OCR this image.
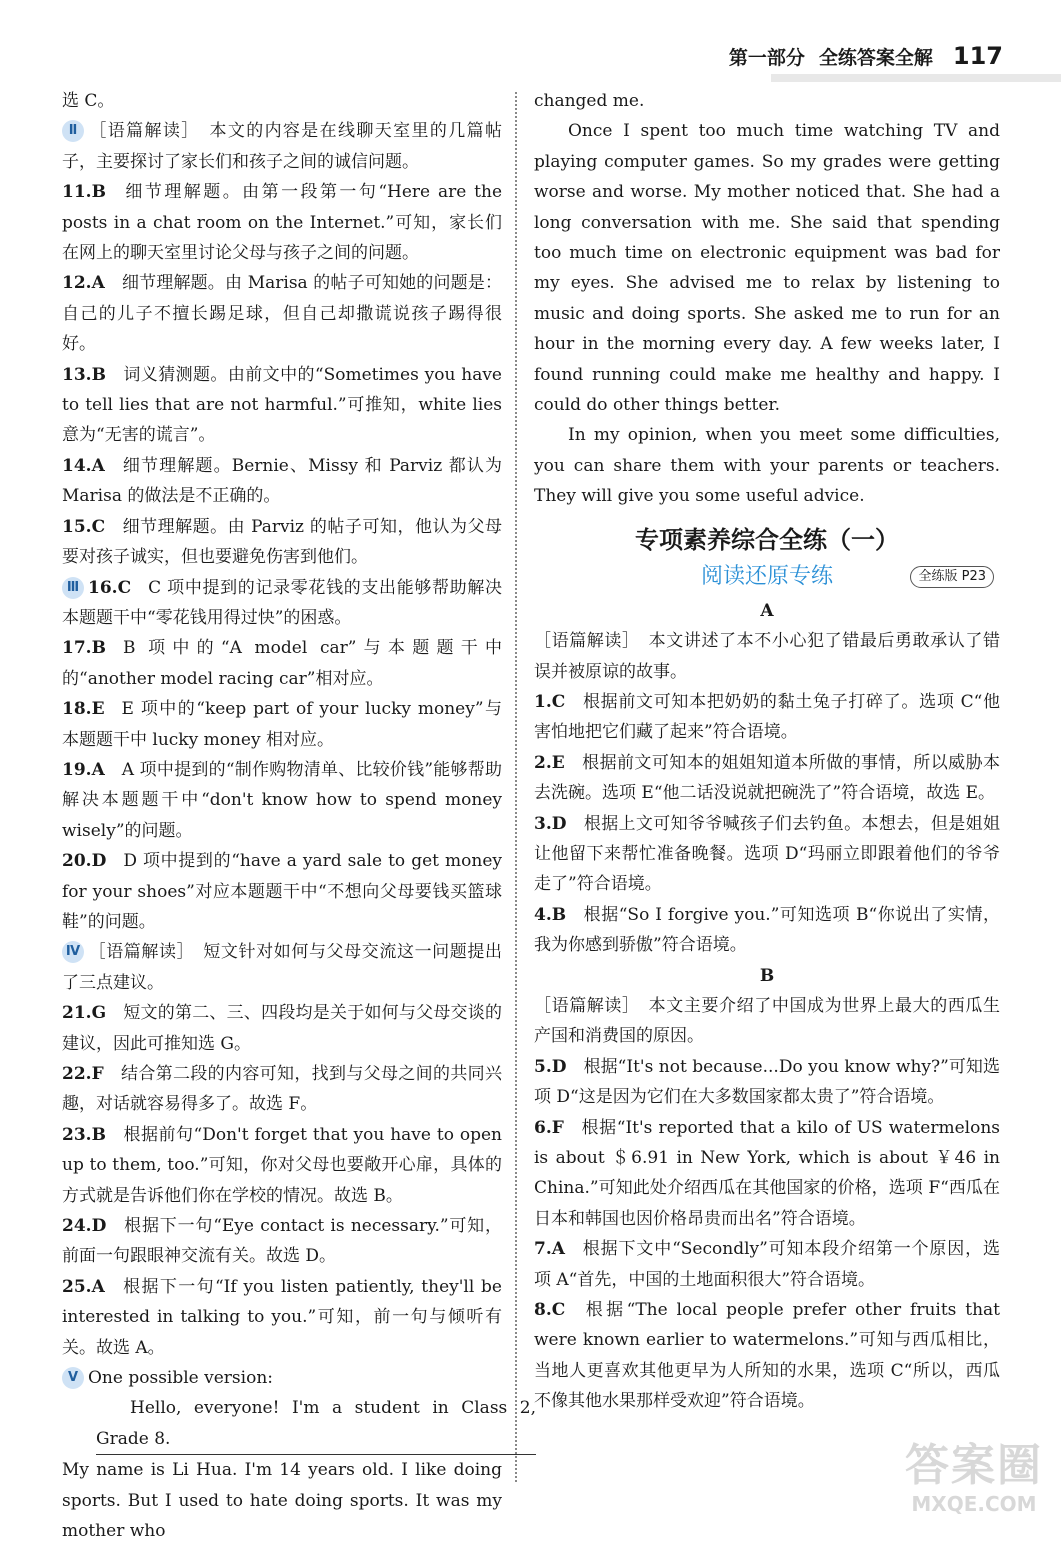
第一部分 全练答案全解 117
选 C。
Ⅱ ［语篇解读］　本文的内容是在线聊天室里的几篇帖子，主要探讨了家长们和孩子之间的诚信问题。
11.B  细节理解题。由第一段第一句“Here are the posts in a chat room on the Internet.”可知，家长们在网上的聊天室里讨论父母与孩子之间的问题。
12.A  细节理解题。由 Marisa 的帖子可知她的问题是：自己的儿子不擅长踢足球，但自己却撒谎说孩子踢得很好。
13.B  词义猜测题。由前文中的“Sometimes you have to tell lies that are not harmful.”可推知，white lies 意为“无害的谎言”。
14.A  细节理解题。Bernie、Missy 和 Parviz 都认为 Marisa 的做法是不正确的。
15.C  细节理解题。由 Parviz 的帖子可知，他认为父母要对孩子诚实，但也要避免伤害到他们。
Ⅲ 16.C  C 项中提到的记录零花钱的支出能够帮助解决本题题干中“零花钱用得过快”的困惑。
17.B  B 项中的“A model car”与本题题干中的“another model racing car”相对应。
18.E  E 项中的“keep part of your lucky money”与本题题干中 lucky money 相对应。
19.A  A 项中提到的“制作购物清单、比较价钱”能够帮助解决本题题干中“don't know how to spend money wisely”的问题。
20.D  D 项中提到的“have a yard sale to get money for your shoes”对应本题题干中“不想向父母要钱买篮球鞋”的问题。
Ⅳ ［语篇解读］　短文针对如何与父母交流这一问题提出了三点建议。
21.G  短文的第二、三、四段均是关于如何与父母交谈的建议，因此可推知选 G。
22.F  结合第二段的内容可知，找到与父母之间的共同兴趣，对话就容易得多了。故选 F。
23.B  根据前句“Don't forget that you have to open up to them, too.”可知，你对父母也要敞开心扉，具体的方式就是告诉他们你在学校的情况。故选 B。
24.D  根据下一句“Eye contact is necessary.”可知，前面一句跟眼神交流有关。故选 D。
25.A  根据下一句“If you listen patiently, they'll be interested in talking to you.”可知，前一句与倾听有关。故选 A。
Ⅴ One possible version:
Hello, everyone! I'm a student in Class 2, Grade 8.
My name is Li Hua. I'm 14 years old. I like doing sports. But I used to hate doing sports. It was my mother who
changed me.
Once I spent too much time watching TV and playing computer games. So my grades were getting worse and worse. My mother noticed that. She had a long conversation with me. She said that spending too much time on electronic equipment was bad for my eyes. She advised me to relax by listening to music and doing sports. She asked me to run for an hour in the morning every day. A few weeks later, I found running could make me healthy and happy. I could do other things better.
In my opinion, when you meet some difficulties, you can share them with your parents or teachers. They will give you some useful advice.
专项素养综合全练（一）
阅读还原专练	全练版 P23
A
［语篇解读］　本文讲述了本不小心犯了错最后勇敢承认了错误并被原谅的故事。
1.C  根据前文可知本把奶奶的黏土兔子打碎了。选项 C“他害怕地把它们藏了起来”符合语境。
2.E  根据前文可知本的姐姐知道本所做的事情，所以威胁本去洗碗。选项 E“他二话没说就把碗洗了”符合语境，故选 E。
3.D  根据上文可知爷爷喊孩子们去钓鱼。本想去，但是姐姐让他留下来帮忙准备晚餐。选项 D“玛丽立即跟着他们的爷爷走了”符合语境。
4.B  根据“So I forgive you.”可知选项 B“你说出了实情，我为你感到骄傲”符合语境。
B
［语篇解读］　本文主要介绍了中国成为世界上最大的西瓜生产国和消费国的原因。
5.D  根据“It's not because...Do you know why?”可知选项 D“这是因为它们在大多数国家都太贵了”符合语境。
6.F  根据“It's reported that a kilo of US watermelons is about ＄6.91 in New York, which is about ￥46 in China.”可知此处介绍西瓜在其他国家的价格，选项 F“西瓜在日本和韩国也因价格昂贵而出名”符合语境。
7.A  根据下文中“Secondly”可知本段介绍第一个原因，选项 A“首先，中国的土地面积很大”符合语境。
8.C  根据“The local people prefer other fruits that were known earlier to watermelons.”可知与西瓜相比，当地人更喜欢其他更早为人所知的水果，选项 C“所以，西瓜不像其他水果那样受欢迎”符合语境。
答案圈
MXQE.COM
